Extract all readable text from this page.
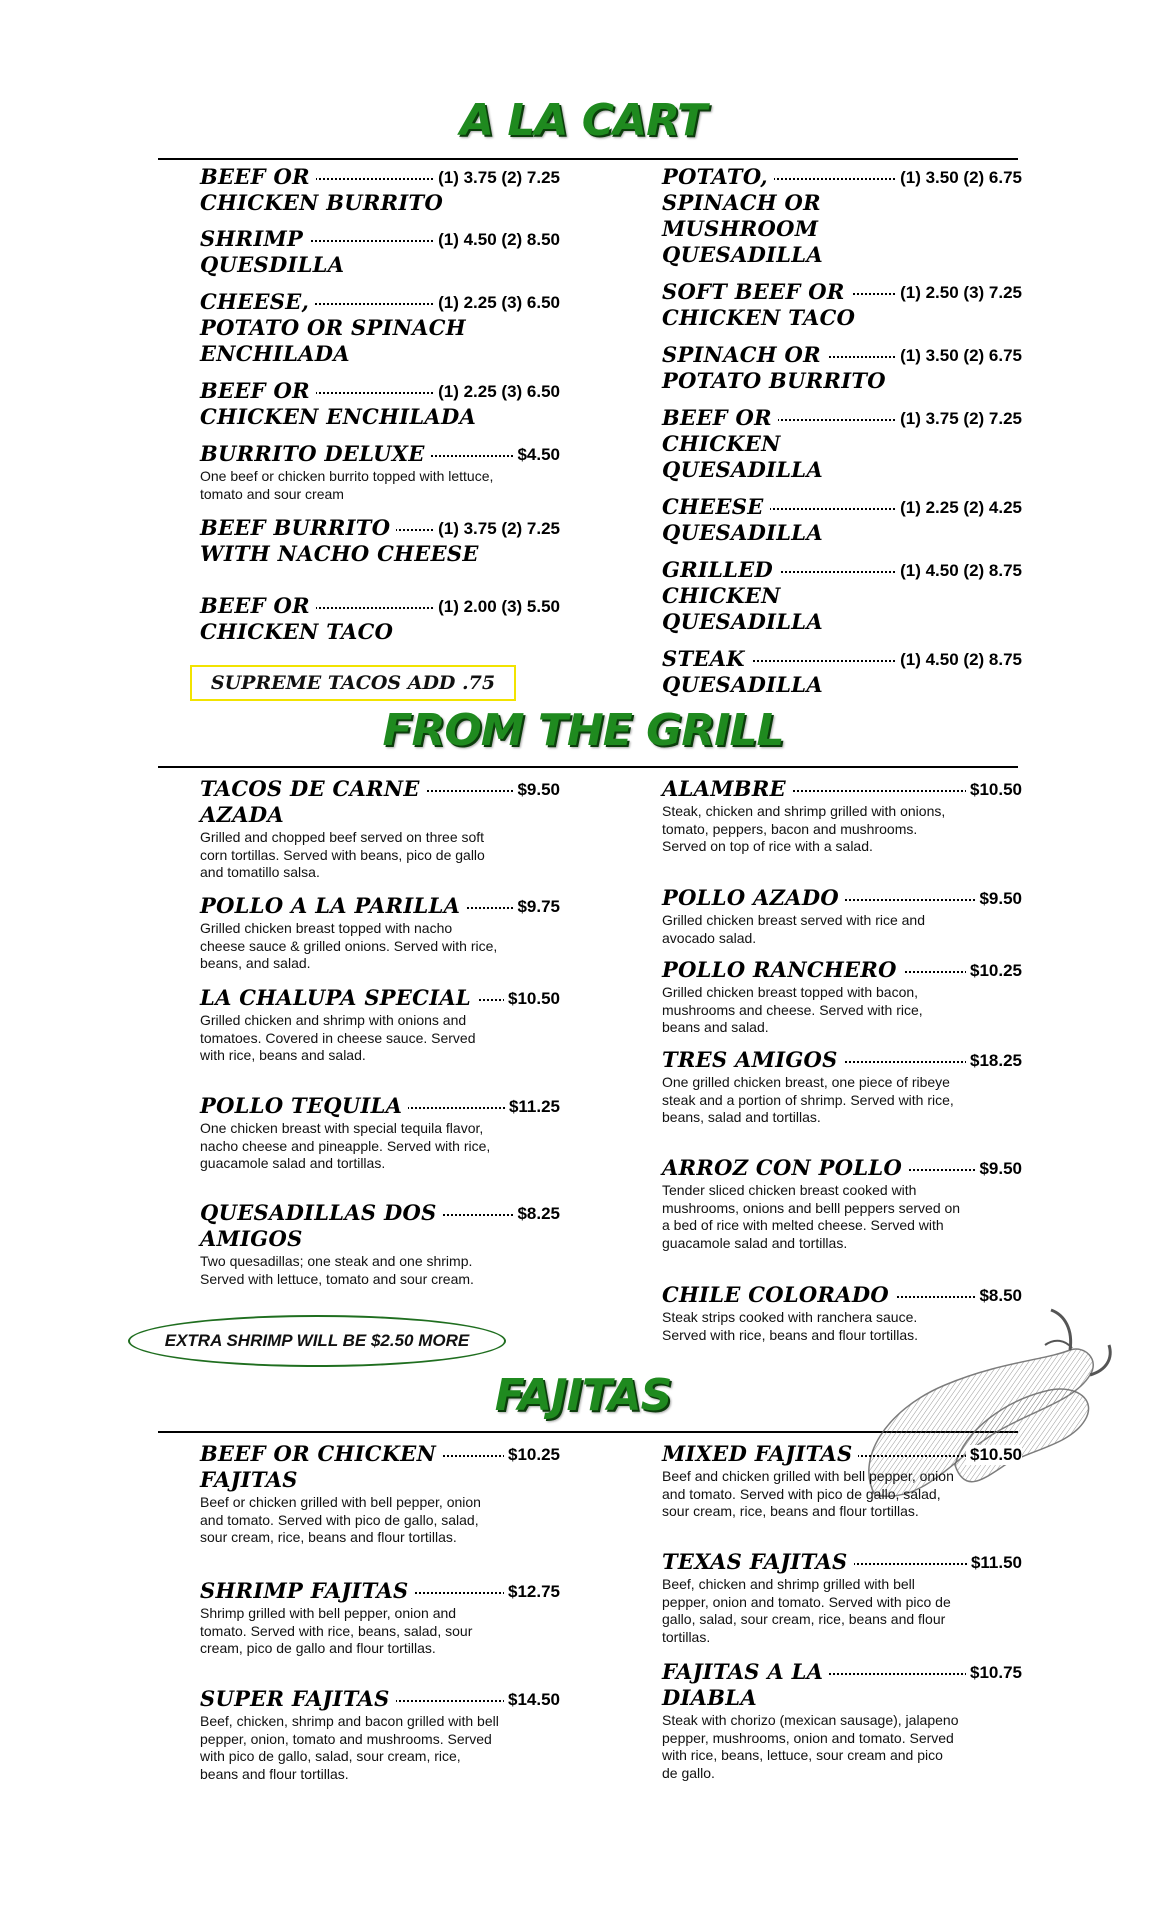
A LA CART
FROM THE GRILL
FAJITAS
BEEF OR	(1) 3.75 (2) 7.25
CHICKEN BURRITO
SHRIMP	(1) 4.50 (2) 8.50
QUESDILLA
CHEESE,	(1) 2.25 (3) 6.50
POTATO OR SPINACH
ENCHILADA
BEEF OR	(1) 2.25 (3) 6.50
CHICKEN ENCHILADA
BURRITO DELUXE	$4.50

One beef or chicken burrito topped with lettuce, tomato and sour cream

BEEF BURRITO	(1) 3.75 (2) 7.25
WITH NACHO CHEESE
BEEF OR	(1) 2.00 (3) 5.50
CHICKEN TACO
SUPREME TACOS ADD .75
POTATO,	(1) 3.50 (2) 6.75
SPINACH OR
MUSHROOM
QUESADILLA
SOFT BEEF OR	(1) 2.50 (3) 7.25
CHICKEN TACO
SPINACH OR	(1) 3.50 (2) 6.75
POTATO BURRITO
BEEF OR	(1) 3.75 (2) 7.25
CHICKEN
QUESADILLA
CHEESE	(1) 2.25 (2) 4.25
QUESADILLA
GRILLED	(1) 4.50 (2) 8.75
CHICKEN
QUESADILLA
STEAK	(1) 4.50 (2) 8.75
QUESADILLA
TACOS DE CARNE	$9.50
AZADA

Grilled and chopped beef served on three soft corn tortillas. Served with beans, pico de gallo and tomatillo salsa.

POLLO A LA PARILLA	$9.75

Grilled chicken breast topped with nacho cheese sauce & grilled onions. Served with rice, beans, and salad.

LA CHALUPA SPECIAL	$10.50

Grilled chicken and shrimp with onions and tomatoes. Covered in cheese sauce. Served with rice, beans and salad.

POLLO TEQUILA	$11.25

One chicken breast with special tequila flavor, nacho cheese and pineapple. Served with rice, guacamole salad and tortillas.

QUESADILLAS DOS	$8.25
AMIGOS

Two quesadillas; one steak and one shrimp. Served with lettuce, tomato and sour cream.

EXTRA SHRIMP WILL BE $2.50 MORE
ALAMBRE	$10.50

Steak, chicken and shrimp grilled with onions, tomato, peppers, bacon and mushrooms. Served on top of rice with a salad.

POLLO AZADO	$9.50

Grilled chicken breast served with rice and avocado salad.

POLLO RANCHERO	$10.25

Grilled chicken breast topped with bacon, mushrooms and cheese. Served with rice, beans and salad.

TRES AMIGOS	$18.25

One grilled chicken breast, one piece of ribeye steak and a portion of shrimp. Served with rice, beans, salad and tortillas.

ARROZ CON POLLO	$9.50

Tender sliced chicken breast cooked with mushrooms, onions and belll peppers served on a bed of rice with melted cheese. Served with guacamole salad and tortillas.

CHILE COLORADO	$8.50

Steak strips cooked with ranchera sauce. Served with rice, beans and flour tortillas.

BEEF OR CHICKEN	$10.25
FAJITAS

Beef or chicken grilled with bell pepper, onion and tomato. Served with pico de gallo, salad, sour cream, rice, beans and flour tortillas.

SHRIMP FAJITAS	$12.75

Shrimp grilled with bell pepper, onion and tomato. Served with rice, beans, salad, sour cream, pico de gallo and flour tortillas.

SUPER FAJITAS	$14.50

Beef, chicken, shrimp and bacon grilled with bell pepper, onion, tomato and mushrooms. Served with pico de gallo, salad, sour cream, rice, beans and flour tortillas.

MIXED FAJITAS	$10.50

Beef and chicken grilled with bell pepper, onion and tomato. Served with pico de gallo, salad, sour cream, rice, beans and flour tortillas.

TEXAS FAJITAS	$11.50

Beef, chicken and shrimp grilled with bell pepper, onion and tomato. Served with pico de gallo, salad, sour cream, rice, beans and flour tortillas.

FAJITAS A LA	$10.75
DIABLA

Steak with chorizo (mexican sausage), jalapeno pepper, mushrooms, onion and tomato. Served with rice, beans, lettuce, sour cream and pico de gallo.
